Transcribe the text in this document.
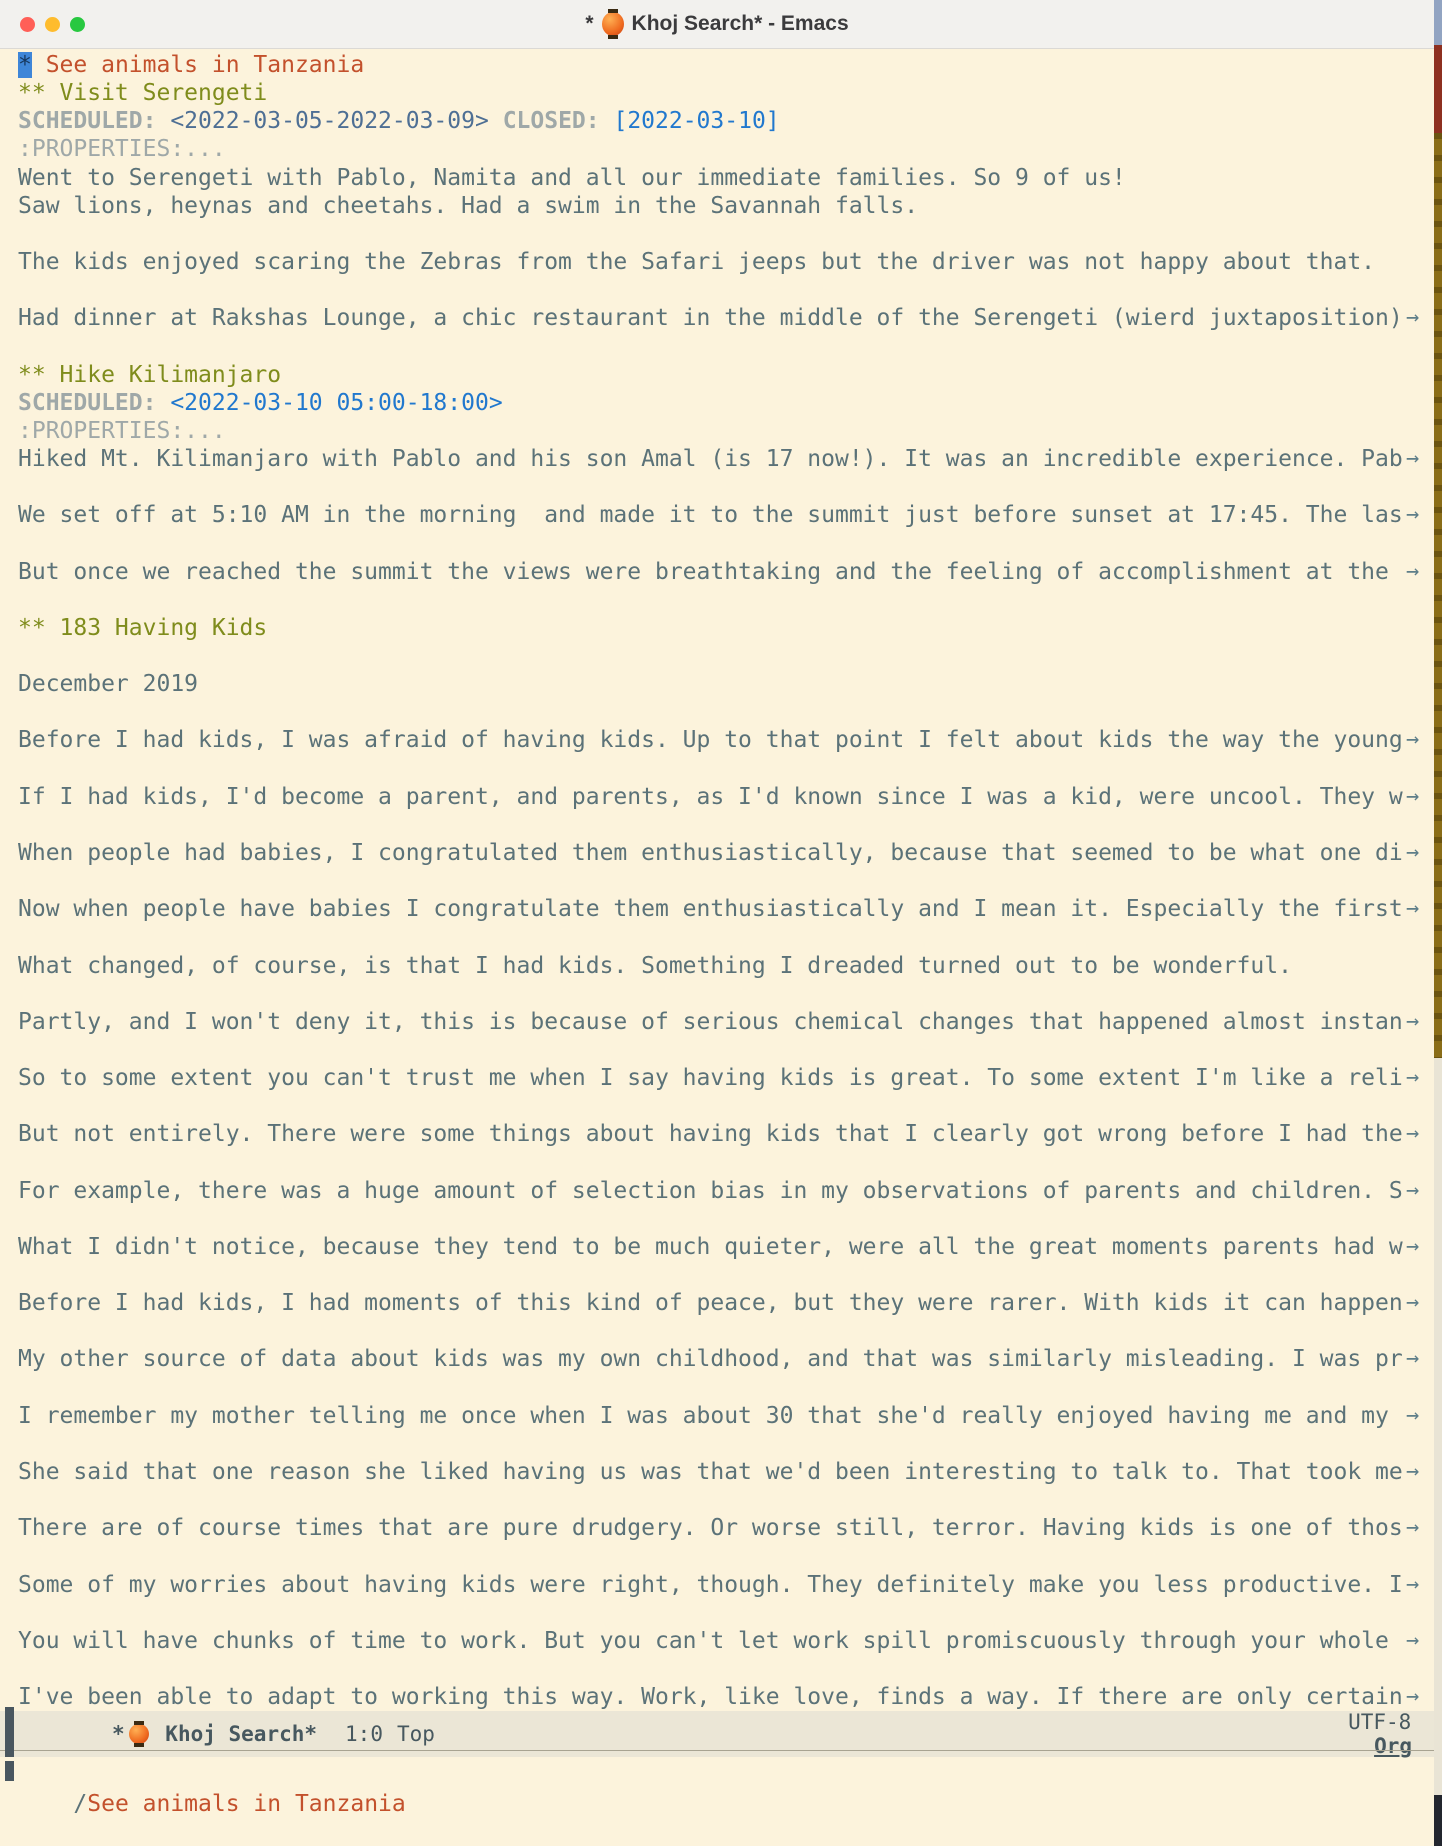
* Khoj Search* - Emacs
* See animals in Tanzania
** Visit Serengeti
SCHEDULED: <2022-03-05-2022-03-09> CLOSED: [2022-03-10]
:PROPERTIES:...
Went to Serengeti with Pablo, Namita and all our immediate families. So 9 of us!
Saw lions, heynas and cheetahs. Had a swim in the Savannah falls.

The kids enjoyed scaring the Zebras from the Safari jeeps but the driver was not happy about that.

Had dinner at Rakshas Lounge, a chic restaurant in the middle of the Serengeti (wierd juxtaposition) →

** Hike Kilimanjaro
SCHEDULED: <2022-03-10 05:00-18:00>
:PROPERTIES:...
Hiked Mt. Kilimanjaro with Pablo and his son Amal (is 17 now!). It was an incredible experience. Pab →

We set off at 5:10 AM in the morning  and made it to the summit just before sunset at 17:45. The las →

But once we reached the summit the views were breathtaking and the feeling of accomplishment at the →

** 183 Having Kids

December 2019

Before I had kids, I was afraid of having kids. Up to that point I felt about kids the way the young →

If I had kids, I'd become a parent, and parents, as I'd known since I was a kid, were uncool. They w →

When people had babies, I congratulated them enthusiastically, because that seemed to be what one di →

Now when people have babies I congratulate them enthusiastically and I mean it. Especially the first →

What changed, of course, is that I had kids. Something I dreaded turned out to be wonderful.

Partly, and I won't deny it, this is because of serious chemical changes that happened almost instan →

So to some extent you can't trust me when I say having kids is great. To some extent I'm like a reli →

But not entirely. There were some things about having kids that I clearly got wrong before I had the →

For example, there was a huge amount of selection bias in my observations of parents and children. S →

What I didn't notice, because they tend to be much quieter, were all the great moments parents had w →

Before I had kids, I had moments of this kind of peace, but they were rarer. With kids it can happen →

My other source of data about kids was my own childhood, and that was similarly misleading. I was pr →

I remember my mother telling me once when I was about 30 that she'd really enjoyed having me and my →

She said that one reason she liked having us was that we'd been interesting to talk to. That took me →

There are of course times that are pure drudgery. Or worse still, terror. Having kids is one of thos →

Some of my worries about having kids were right, though. They definitely make you less productive. I →

You will have chunks of time to work. But you can't let work spill promiscuously through your whole →

I've been able to adapt to working this way. Work, like love, finds a way. If there are only certain →
* Khoj Search* 1:0 Top	UTF-8
Org

/See animals in Tanzania
